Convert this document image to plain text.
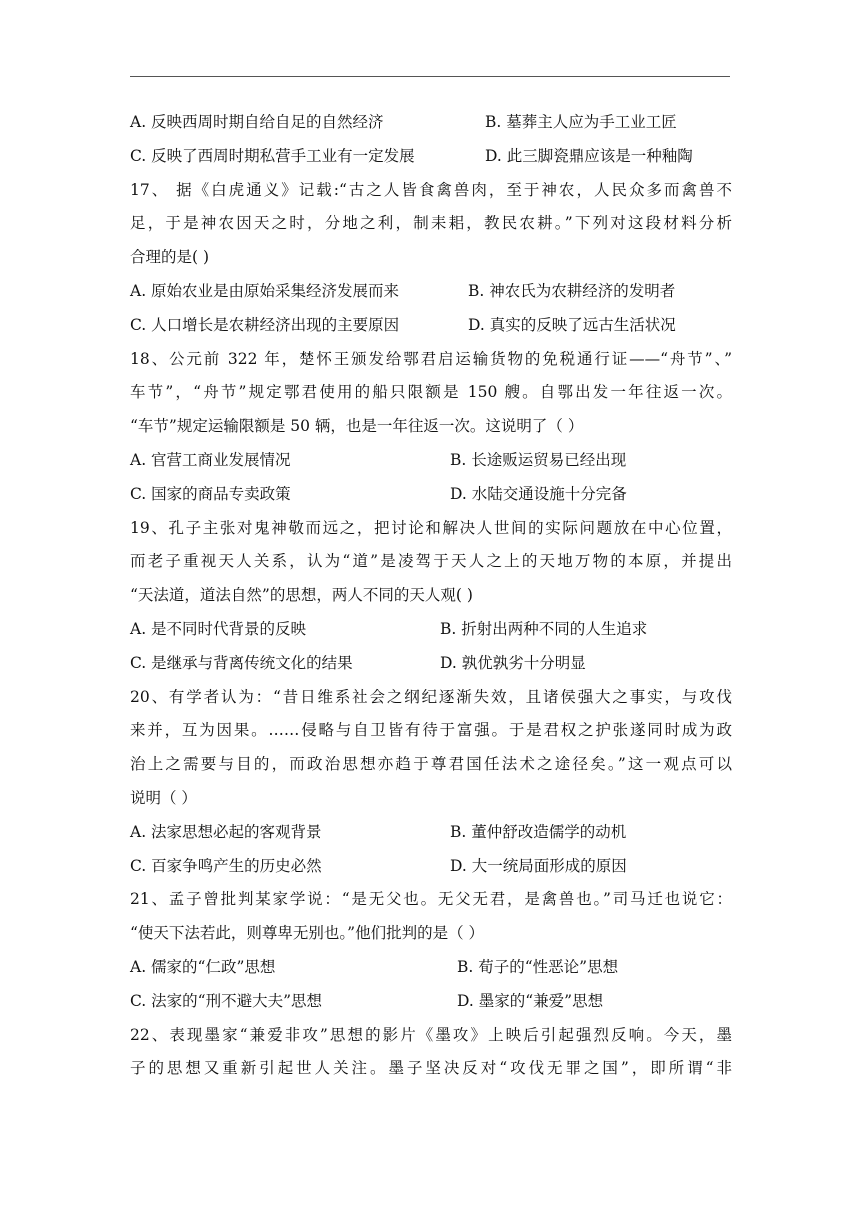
A. 反映西周时期自给自足的自然经济	B. 墓葬主人应为手工业工匠
C. 反映了西周时期私营手工业有一定发展	D. 此三脚瓷鼎应该是一种釉陶
17、 据《白虎通义》记载:“古之人皆食禽兽肉，至于神农，人民众多而禽兽不
足，于是神农因天之时，分地之利，制耒耜，教民农耕。”下列对这段材料分析
合理的是( )
A. 原始农业是由原始采集经济发展而来	B. 神农氏为农耕经济的发明者
C. 人口增长是农耕经济出现的主要原因	D. 真实的反映了远古生活状况
18、公元前 322 年，楚怀王颁发给鄂君启运输货物的免税通行证——“舟节”、”
车节”，“舟节”规定鄂君使用的船只限额是 150 艘。自鄂出发一年往返一次。
“车节”规定运输限额是 50 辆，也是一年往返一次。这说明了（ ）
A. 官营工商业发展情况	B. 长途贩运贸易已经出现
C. 国家的商品专卖政策	D. 水陆交通设施十分完备
19、孔子主张对鬼神敬而远之，把讨论和解决人世间的实际问题放在中心位置，
而老子重视天人关系，认为“道”是凌驾于天人之上的天地万物的本原，并提出
“天法道，道法自然”的思想，两人不同的天人观( )
A. 是不同时代背景的反映	B. 折射出两种不同的人生追求
C. 是继承与背离传统文化的结果	D. 孰优孰劣十分明显
20、有学者认为：“昔日维系社会之纲纪逐渐失效，且诸侯强大之事实，与攻伐
来并，互为因果。……侵略与自卫皆有待于富强。于是君权之护张遂同时成为政
治上之需要与目的，而政治思想亦趋于尊君国任法术之途径矣。”这一观点可以
说明（ ）
A. 法家思想必起的客观背景	B. 董仲舒改造儒学的动机
C. 百家争鸣产生的历史必然	D. 大一统局面形成的原因
21、孟子曾批判某家学说：“是无父也。无父无君，是禽兽也。”司马迁也说它：
“使天下法若此，则尊卑无别也。”他们批判的是（ ）
A. 儒家的“仁政”思想	B. 荀子的“性恶论”思想
C. 法家的“刑不避大夫”思想	D. 墨家的“兼爱”思想
22、表现墨家“兼爱非攻”思想的影片《墨攻》上映后引起强烈反响。今天，墨
子的思想又重新引起世人关注。墨子坚决反对“攻伐无罪之国”，即所谓“非
